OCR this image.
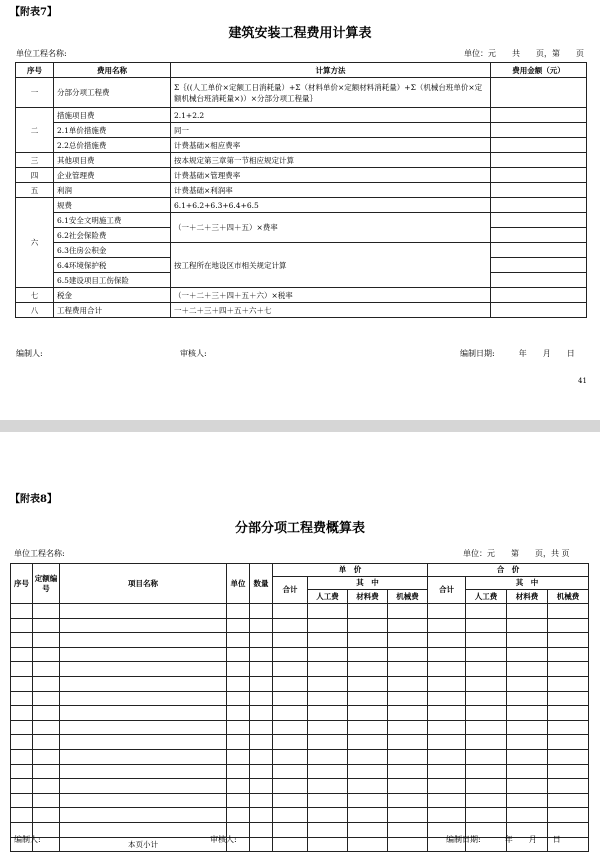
【附表7】
建筑安装工程费用计算表
单位工程名称:	单位：元　　共　　页，第　　页
序号	费用名称	计算方法	费用金额（元）
一	分部分项工程费	Σ｛((人工单价×定额工日消耗量）+Σ（材料单价×定额材料消耗量）+Σ（机械台班单价×定额机械台班消耗量×)）×分部分项工程量｝	
二	措施项目费	2.1+2.2	
	2.1单价措施费	同一	
	2.2总价措施费	计费基础×相应费率	
三	其他项目费	按本规定第三章第一节相应规定计算	
四	企业管理费	计费基础×管理费率	
五	利润	计费基础×利润率	
六	规费	6.1+6.2+6.3+6.4+6.5	
	6.1安全文明施工费	（一＋二＋三＋四＋五）×费率	
	6.2社会保险费		
	6.3住房公积金	按工程所在地设区市相关规定计算	
	6.4环境保护税		
	6.5建设项目工伤保险		
七	税金	（一＋二＋三＋四＋五＋六）×税率	
八	工程费用合计	一＋二＋三＋四＋五＋六＋七	
编制人:	审核人:	编制日期:　　　年　　月　　日
41
【附表8】
分部分项工程费概算表
单位工程名称:	单位：元　　第　　页，共 页
序号	定额编号	项目名称	单位	数量	单　价				合　价			
					合计	其　中			合计	其　中		
						人工费	材料费	机械费		人工费	材料费	机械费

		本页小计										
编制人:	审核人:	编制日期:　　　年　　月　　日
